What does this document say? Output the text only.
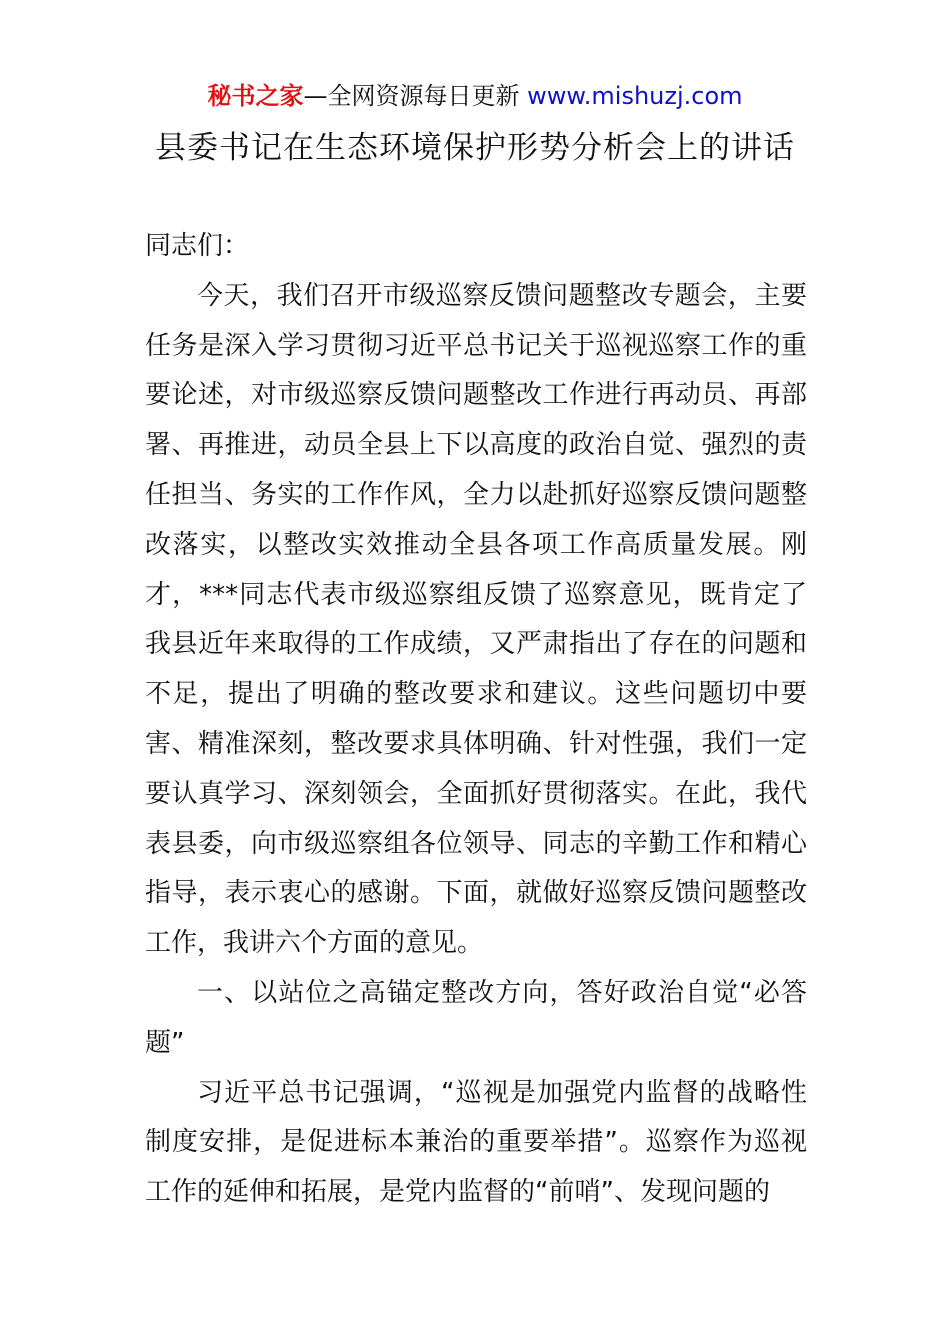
秘书之家—全网资源每日更新 www.mishuzj.com
县委书记在生态环境保护形势分析会上的讲话

同志们：

今天，我们召开市级巡察反馈问题整改专题会，主要任务是深入学习贯彻习近平总书记关于巡视巡察工作的重要论述，对市级巡察反馈问题整改工作进行再动员、再部署、再推进，动员全县上下以高度的政治自觉、强烈的责任担当、务实的工作作风，全力以赴抓好巡察反馈问题整改落实，以整改实效推动全县各项工作高质量发展。刚才，***同志代表市级巡察组反馈了巡察意见，既肯定了我县近年来取得的工作成绩，又严肃指出了存在的问题和不足，提出了明确的整改要求和建议。这些问题切中要害、精准深刻，整改要求具体明确、针对性强，我们一定要认真学习、深刻领会，全面抓好贯彻落实。在此，我代表县委，向市级巡察组各位领导、同志的辛勤工作和精心指导，表示衷心的感谢。下面，就做好巡察反馈问题整改工作，我讲六个方面的意见。

一、以站位之高锚定整改方向，答好政治自觉“必答题”

习近平总书记强调，“巡视是加强党内监督的战略性制度安排，是促进标本兼治的重要举措”。巡察作为巡视工作的延伸和拓展，是党内监督的“前哨”、发现问题的
